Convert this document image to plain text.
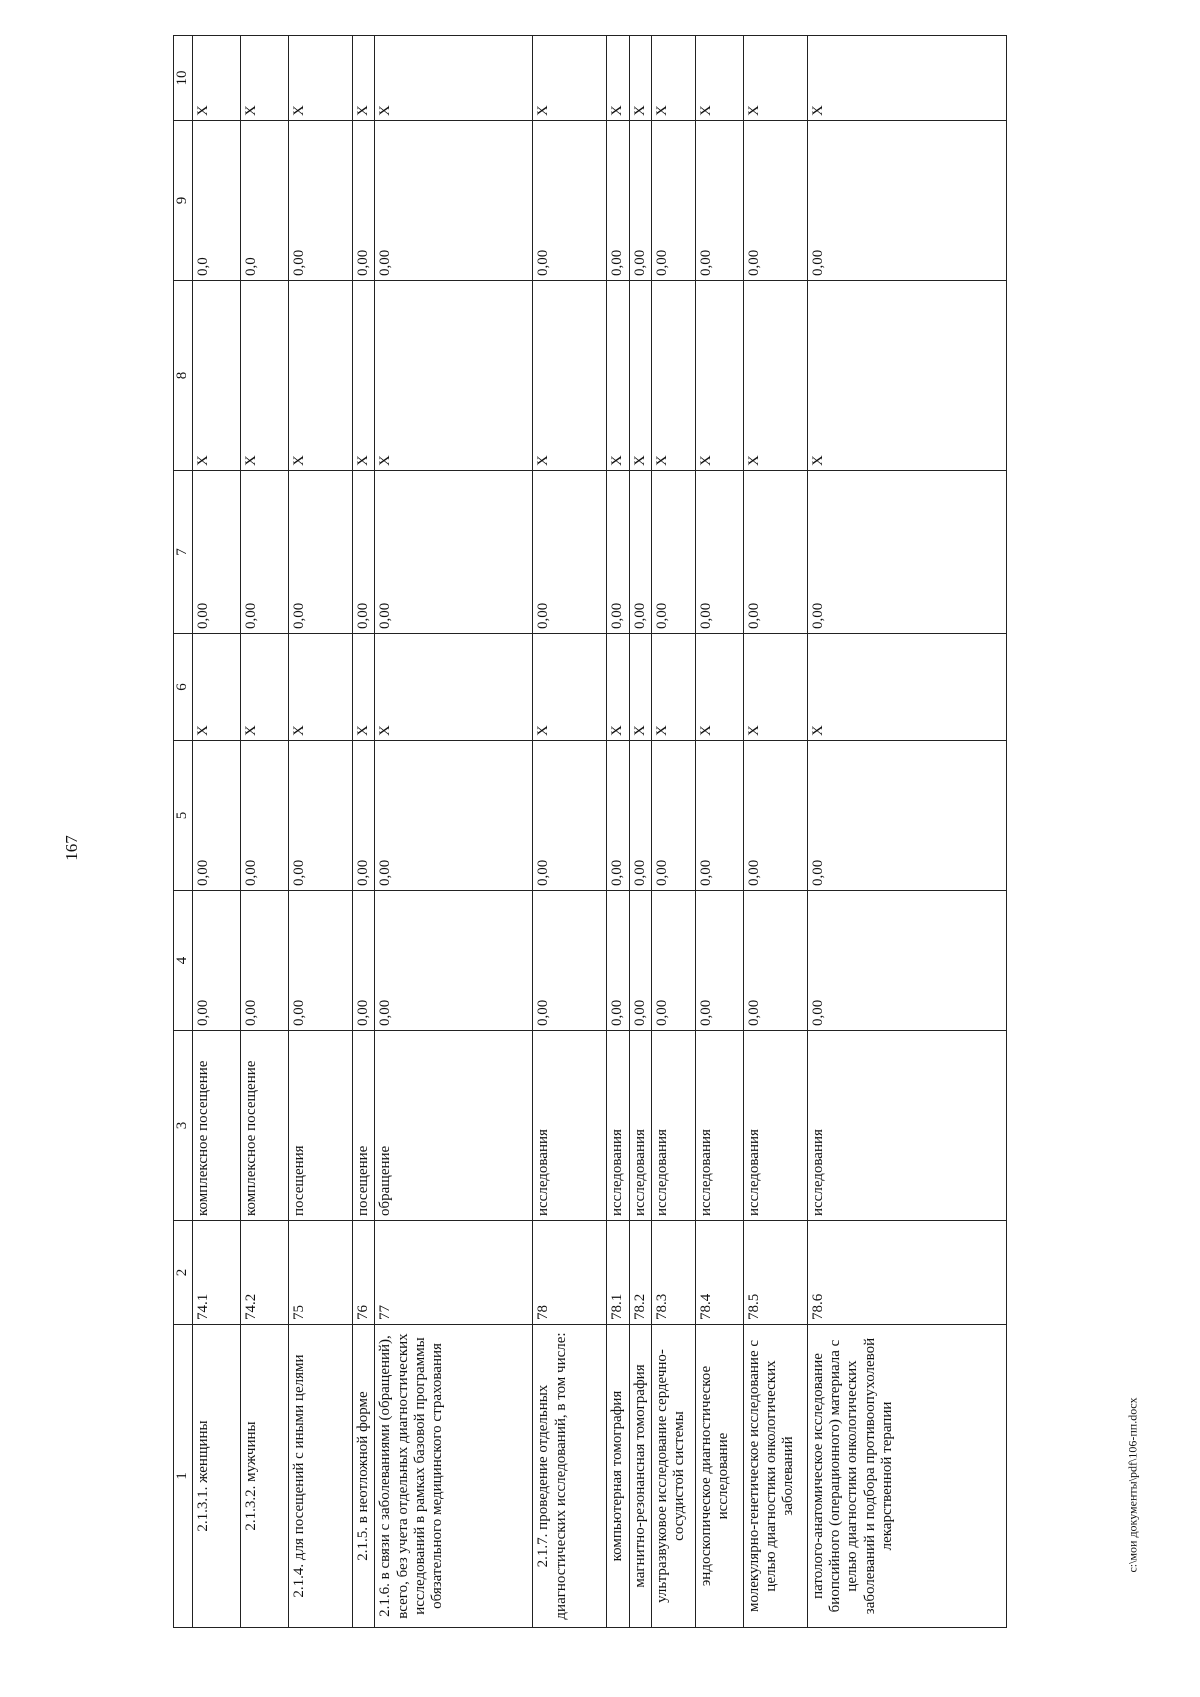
167
1	2	3	4	5	6	7	8	9	10
2.1.3.1. женщины	74.1	комплексное посещение	0,00	0,00	Х	0,00	Х	0,0	Х
2.1.3.2. мужчины	74.2	комплексное посещение	0,00	0,00	Х	0,00	Х	0,0	Х
2.1.4. для посещений с иными целями	75	посещения	0,00	0,00	Х	0,00	Х	0,00	Х
2.1.5. в неотложной форме	76	посещение	0,00	0,00	Х	0,00	Х	0,00	Х
2.1.6. в связи с заболеваниями (обращений), всего, без учета отдельных диагностических исследований в рамках базовой программы обязательного медицинского страхования	77	обращение	0,00	0,00	Х	0,00	Х	0,00	Х
2.1.7. проведение отдельных диагностических исследований, в том числе:	78	исследования	0,00	0,00	Х	0,00	Х	0,00	Х
компьютерная томография	78.1	исследования	0,00	0,00	Х	0,00	Х	0,00	Х
магнитно-резонансная томография	78.2	исследования	0,00	0,00	Х	0,00	Х	0,00	Х
ультразвуковое исследование сердечно-сосудистой системы	78.3	исследования	0,00	0,00	Х	0,00	Х	0,00	Х
эндоскопическое диагностическое исследование	78.4	исследования	0,00	0,00	Х	0,00	Х	0,00	Х
молекулярно-генетическое исследование с целью диагностики онкологических заболеваний	78.5	исследования	0,00	0,00	Х	0,00	Х	0,00	Х
патолого-анатомическое исследование биопсийного (операционного) материала с целью диагностики онкологических заболеваний и подбора противоопухолевой лекарственной терапии	78.6	исследования	0,00	0,00	Х	0,00	Х	0,00	Х
c:\мои документы\pdf\106-пп.docx
